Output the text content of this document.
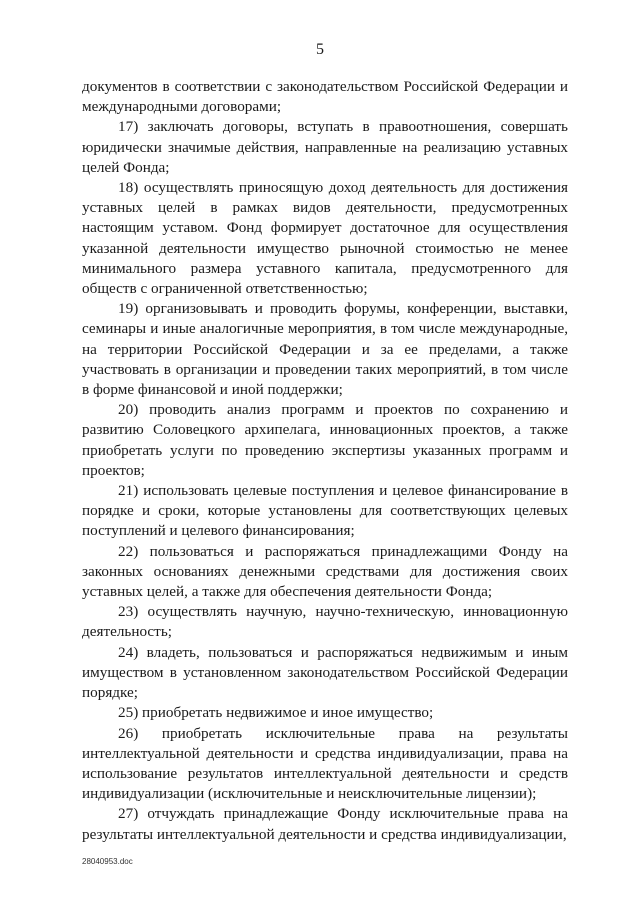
5

документов в соответствии с законодательством Российской Федерации и международными договорами;

17) заключать договоры, вступать в правоотношения, совершать юридически значимые действия, направленные на реализацию уставных целей Фонда;

18) осуществлять приносящую доход деятельность для достижения уставных целей в рамках видов деятельности, предусмотренных настоящим уставом. Фонд формирует достаточное для осуществления указанной деятельности имущество рыночной стоимостью не менее минимального размера уставного капитала, предусмотренного для обществ с ограниченной ответственностью;

19) организовывать и проводить форумы, конференции, выставки, семинары и иные аналогичные мероприятия, в том числе международные, на территории Российской Федерации и за ее пределами, а также участвовать в организации и проведении таких мероприятий, в том числе в форме финансовой и иной поддержки;

20) проводить анализ программ и проектов по сохранению и развитию Соловецкого архипелага, инновационных проектов, а также приобретать услуги по проведению экспертизы указанных программ и проектов;

21) использовать целевые поступления и целевое финансирование в порядке и сроки, которые установлены для соответствующих целевых поступлений и целевого финансирования;

22) пользоваться и распоряжаться принадлежащими Фонду на законных основаниях денежными средствами для достижения своих уставных целей, а также для обеспечения деятельности Фонда;

23) осуществлять научную, научно-техническую, инновационную деятельность;

24) владеть, пользоваться и распоряжаться недвижимым и иным имуществом в установленном законодательством Российской Федерации порядке;

25) приобретать недвижимое и иное имущество;

26) приобретать исключительные права на результаты интеллектуальной деятельности и средства индивидуализации, права на использование результатов интеллектуальной деятельности и средств индивидуализации (исключительные и неисключительные лицензии);

27) отчуждать принадлежащие Фонду исключительные права на результаты интеллектуальной деятельности и средства индивидуализации,

28040953.doc
